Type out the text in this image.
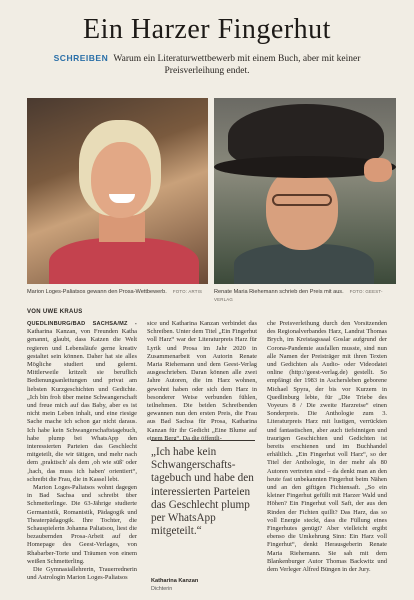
Ein Harzer Fingerhut
SCHREIBEN Warum ein Literaturwettbewerb mit einem Buch, aber mit keiner Preisverleihung endet.
Marion Loges-Paliatsos gewann den Prosa-Wettbewerb. FOTO: ARTIS	Renate Maria Riehemann schrieb den Preis mit aus. FOTO: GEEST-VERLAG
VON UWE KRAUS

QUEDLINBURG/BAD SACHSA/MZ - Katharina Kanzan, von Freunden Katha genannt, glaubt, dass Katzen die Welt regieren und Lebensläufe gerne kreativ gestaltet sein können. Daher hat sie alles Mögliche studiert und gelernt. Mittlerweile kritzelt sie beruflich Bedienungsanleitungen und privat am liebsten Kurzgeschichten und Gedichte. „Ich bin froh über meine Schwangerschaft und freue mich auf das Baby, aber es ist nicht mein Leben inhalt, und eine riesige Sache mache ich schon gar nicht daraus. Ich habe kein Schwangerschaftstagebuch, habe plump bei WhatsApp den interessierten Parteien das Geschlecht mitgeteilt, die wir tätigen, und mehr nach dem ‚praktisch' als dem ‚oh wie süß' oder ‚hach, das muss ich haben' orientiert“, schreibt die Frau, die in Kassel lebt.

Marion Loges-Paliatsos wohnt dagegen in Bad Sachsa und schreibt über Schmetterlinge. Die 63-Jährige studierte Germanistik, Romanistik, Pädagogik und Theaterpädagogik. Ihre Tochter, die Schauspielerin Johanna Paliatsou, liest die bezaubernden Prosa-Arbeit auf der Homepage des Geest-Verlages, von Rhabarber-Torte und Träumen von einem weißen Schmetterling.

Die Gymnasiallehrerin, Trauerrednerin und Astrologin Marion Loges-Paliatsos

sice und Katharina Kanzan verbindet das Schreiben. Unter dem Titel „Ein Fingerhut voll Harz“ war der Literaturpreis Harz für Lyrik und Prosa im Jahr 2020 in Zusammenarbeit von Autorin Renate Maria Riehemann und dem Geest-Verlag ausgeschrieben. Daran können alle zwei Jahre Autoren, die im Harz wohnen, gewohnt haben oder sich dem Harz in besonderer Weise verbunden fühlen, teilnehmen. Die beiden Schreibenden gewannen nun den ersten Preis, die Frau aus Bad Sachsa für Prosa, Katharina Kanzan für ihr Gedicht „Eine Blume auf einem Berg“. Da die öffentli-

„Ich habe kein Schwangerschafts-tagebuch und habe den interessierten Parteien das Geschlecht plump per WhatsApp mitgeteilt.“
Katharina Kanzan
Dichterin

che Preisverleihung durch den Vorsitzenden des Regionalverbandes Harz, Landrat Thomas Brych, im Kreistagssaal Goslar aufgrund der Corona-Pandemie ausfallen musste, sind nun alle Namen der Preisträger mit ihren Texten und Gedichten als Audio- oder Videodatei online (http://geest-verlag.de) gestellt. So empfängt der 1983 in Aschersleben geborene Michael Spyra, der bis vor Kurzem in Quedlinburg lebte, für „Die Triebe des Voyeurs 8 / Die zweite Harzreise“ einen Sonderpreis. Die Anthologie zum 3. Literaturpreis Harz mit lustigen, verrückten und fantastischen, aber auch tiefsinnigen und traurigen Geschichten und Gedichten ist bereits erschienen und im Buchhandel erhältlich. „Ein Fingerhut voll Harz“, so der Titel der Anthologie, in der mehr als 80 Autoren vertreten sind – da denkt man an den heute fast unbekannten Fingerhut beim Nähen und an den giftigen Fichtensaft. „So ein kleiner Fingerhut gefüllt mit Harzer Wald und Höhen? Ein Fingerhut voll Saft, der aus den Rinden der Fichten quillt? Das Harz, das so voll Energie steckt, dass die Füllung eines Fingerhutes genügt? Aber vielleicht ergibt ebenso die Umkehrung Sinn: Ein Harz voll Fingerhut“, denkt Herausgeberin Renate Maria Riehemann. Sie sah mit dem Blankenburger Autor Thomas Backwitz und dem Verleger Alfred Büngen in der Jury.
